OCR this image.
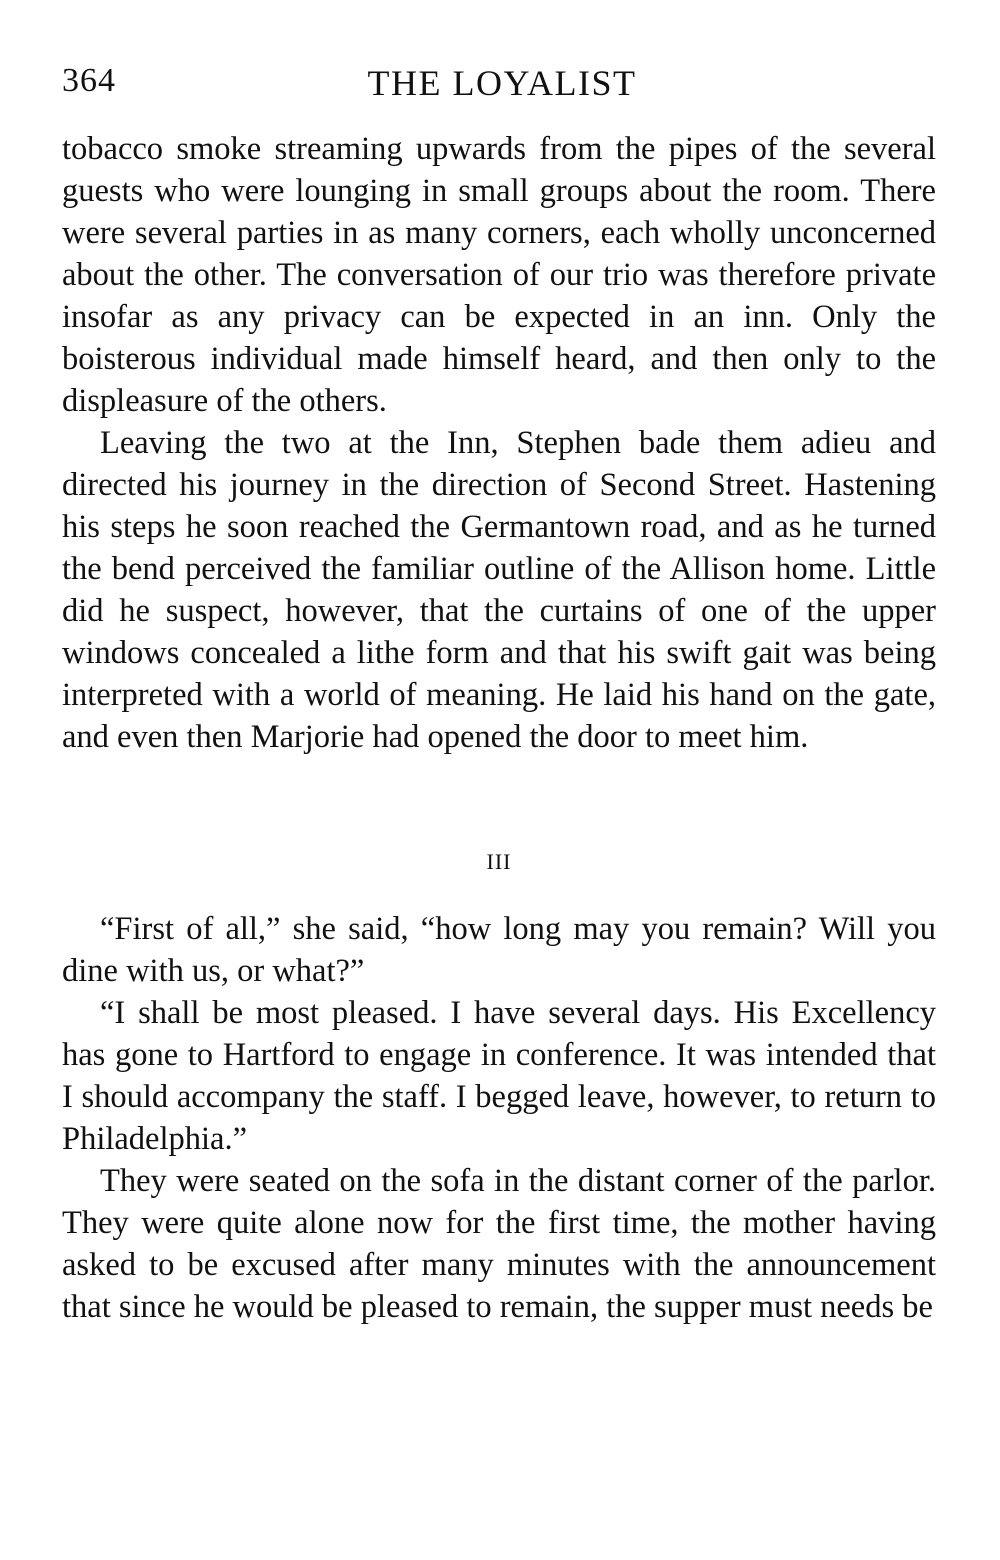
364	THE LOYALIST

tobacco smoke streaming upwards from the pipes of the several guests who were lounging in small groups about the room. There were several parties in as many corners, each wholly unconcerned about the other. The conversation of our trio was therefore private insofar as any privacy can be expected in an inn. Only the boisterous individual made himself heard, and then only to the displeasure of the others.

Leaving the two at the Inn, Stephen bade them adieu and directed his journey in the direction of Second Street. Hastening his steps he soon reached the Germantown road, and as he turned the bend perceived the familiar outline of the Allison home. Little did he suspect, however, that the curtains of one of the upper windows concealed a lithe form and that his swift gait was being interpreted with a world of meaning. He laid his hand on the gate, and even then Marjorie had opened the door to meet him.

III

“First of all,” she said, “how long may you remain? Will you dine with us, or what?”

“I shall be most pleased. I have several days. His Excellency has gone to Hartford to engage in conference. It was intended that I should accompany the staff. I begged leave, however, to return to Philadelphia.”

They were seated on the sofa in the distant corner of the parlor. They were quite alone now for the first time, the mother having asked to be excused after many minutes with the announcement that since he would be pleased to remain, the supper must needs be
